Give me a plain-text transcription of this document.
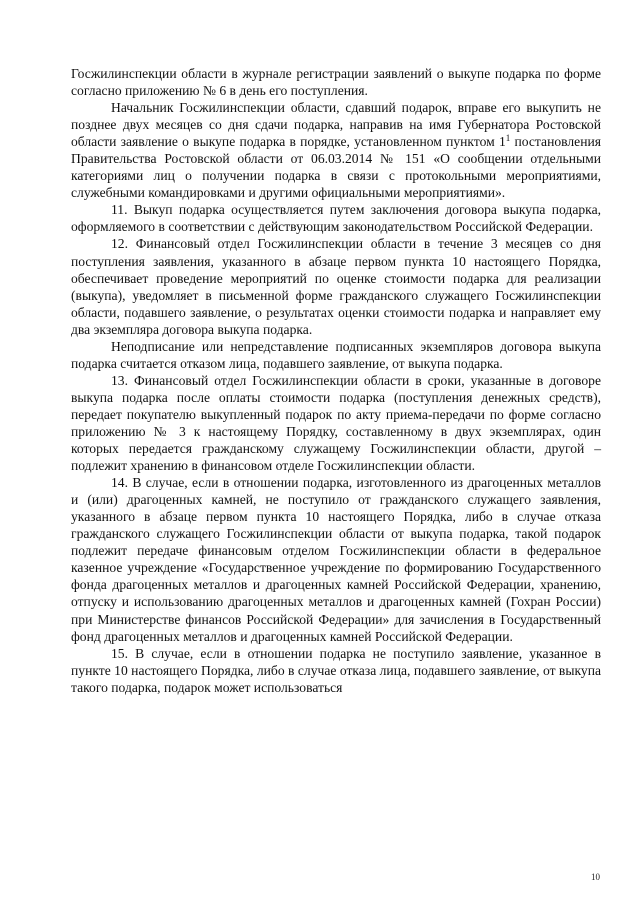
Госжилинспекции области в журнале регистрации заявлений о выкупе подарка по форме согласно приложению № 6 в день его поступления.

Начальник Госжилинспекции области, сдавший подарок, вправе его выкупить не позднее двух месяцев со дня сдачи подарка, направив на имя Губернатора Ростовской области заявление о выкупе подарка в порядке, установленном пунктом $1^1$ постановления Правительства Ростовской области от 06.03.2014 № 151 «О сообщении отдельными категориями лиц о получении подарка в связи с протокольными мероприятиями, служебными командировками и другими официальными мероприятиями».

11. Выкуп подарка осуществляется путем заключения договора выкупа подарка, оформляемого в соответствии с действующим законодательством Российской Федерации.

12. Финансовый отдел Госжилинспекции области в течение 3 месяцев со дня поступления заявления, указанного в абзаце первом пункта 10 настоящего Порядка, обеспечивает проведение мероприятий по оценке стоимости подарка для реализации (выкупа), уведомляет в письменной форме гражданского служащего Госжилинспекции области, подавшего заявление, о результатах оценки стоимости подарка и направляет ему два экземпляра договора выкупа подарка.

Неподписание или непредставление подписанных экземпляров договора выкупа подарка считается отказом лица, подавшего заявление, от выкупа подарка.

13. Финансовый отдел Госжилинспекции области в сроки, указанные в договоре выкупа подарка после оплаты стоимости подарка (поступления денежных средств), передает покупателю выкупленный подарок по акту приема-передачи по форме согласно приложению № 3 к настоящему Порядку, составленному в двух экземплярах, один которых передается гражданскому служащему Госжилинспекции области, другой – подлежит хранению в финансовом отделе Госжилинспекции области.

14. В случае, если в отношении подарка, изготовленного из драгоценных металлов и (или) драгоценных камней, не поступило от гражданского служащего заявления, указанного в абзаце первом пункта 10 настоящего Порядка, либо в случае отказа гражданского служащего Госжилинспекции области от выкупа подарка, такой подарок подлежит передаче финансовым отделом Госжилинспекции области в федеральное казенное учреждение «Государственное учреждение по формированию Государственного фонда драгоценных металлов и драгоценных камней Российской Федерации, хранению, отпуску и использованию драгоценных металлов и драгоценных камней (Гохран России) при Министерстве финансов Российской Федерации» для зачисления в Государственный фонд драгоценных металлов и драгоценных камней Российской Федерации.

15. В случае, если в отношении подарка не поступило заявление, указанное в пункте 10 настоящего Порядка, либо в случае отказа лица, подавшего заявление, от выкупа такого подарка, подарок может использоваться

10
